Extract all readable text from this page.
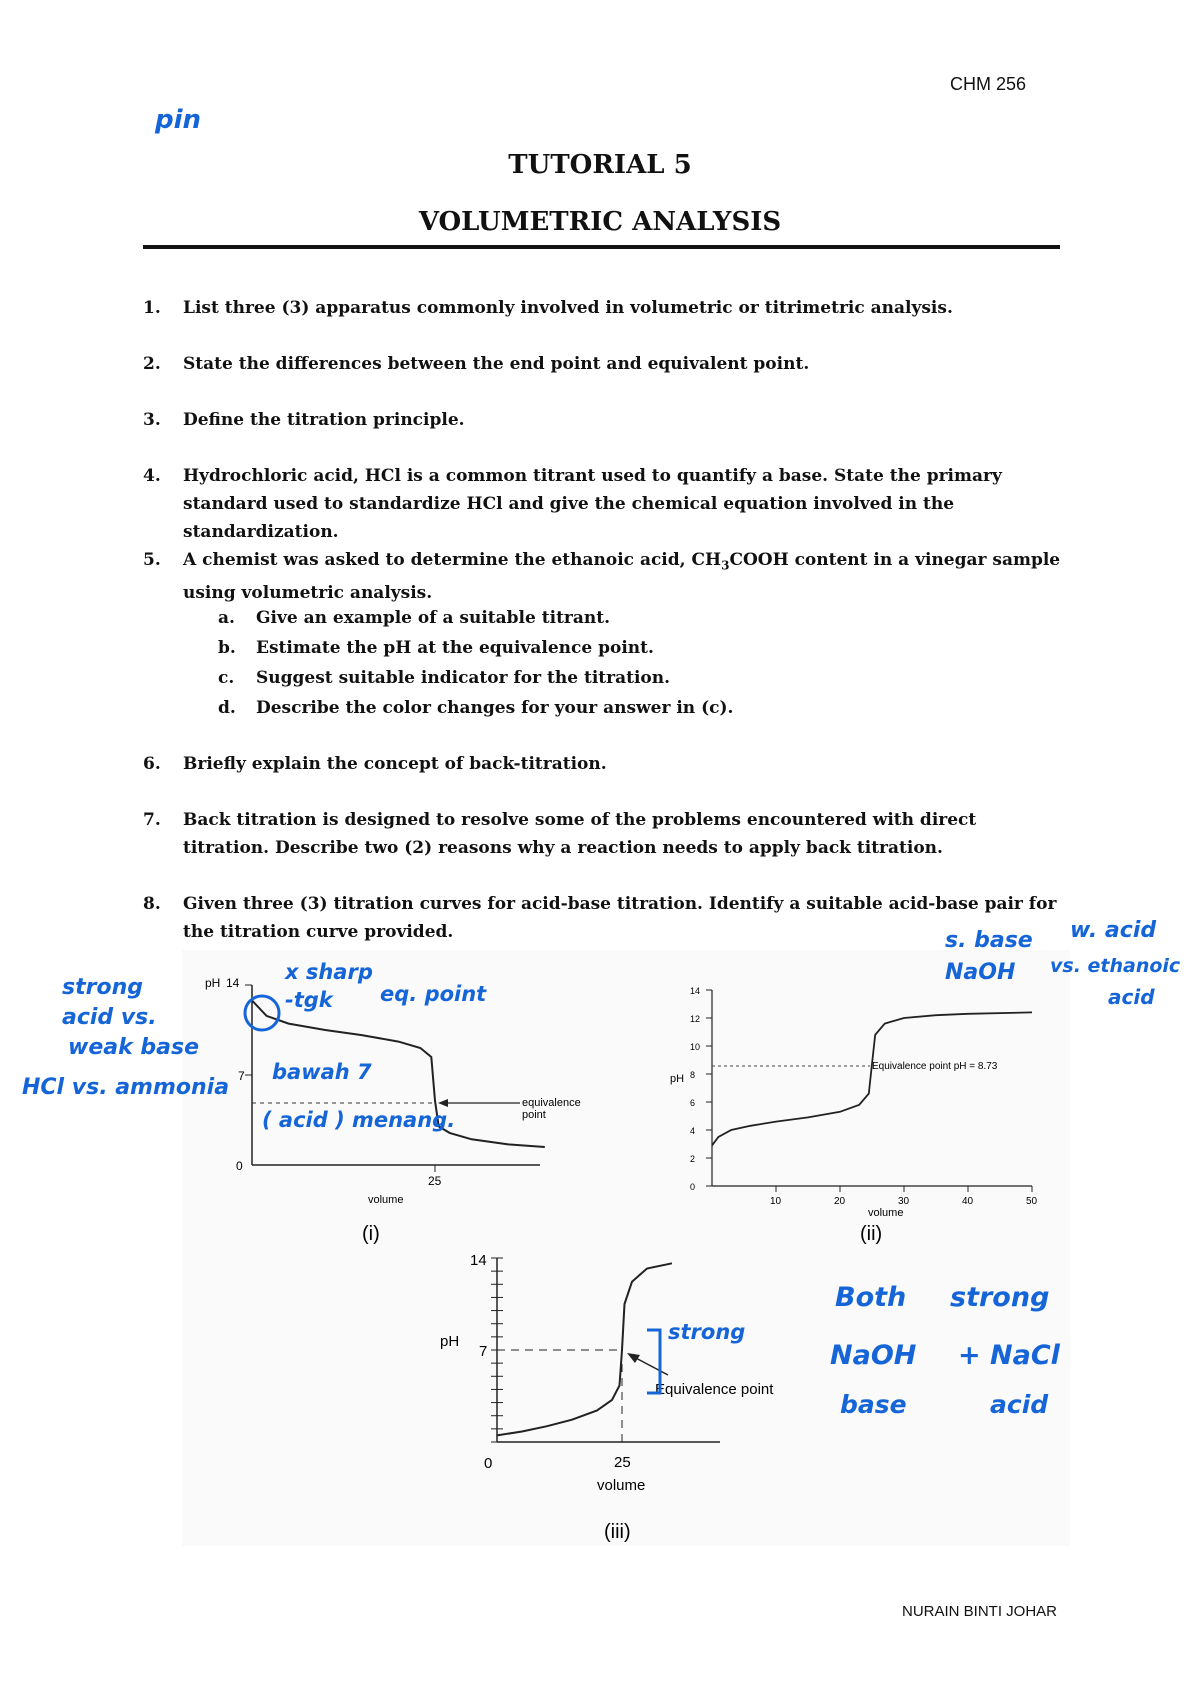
CHM 256
pin
TUTORIAL 5
VOLUMETRIC ANALYSIS
1.	List three (3) apparatus commonly involved in volumetric or titrimetric analysis.
2.	State the differences between the end point and equivalent point.
3.	Define the titration principle.
4.	Hydrochloric acid, HCl is a common titrant used to quantify a base. State the primary standard used to standardize HCl and give the chemical equation involved in the standardization.
5.	A chemist was asked to determine the ethanoic acid, $CH_3COOH$ content in a vinegar sample using volumetric analysis.
a.	Give an example of a suitable titrant.
b.	Estimate the pH at the equivalence point.
c.	Suggest suitable indicator for the titration.
d.	Describe the color changes for your answer in (c).
6.	Briefly explain the concept of back-titration.
7.	Back titration is designed to resolve some of the problems encountered with direct titration. Describe two (2) reasons why a reaction needs to apply back titration.
8.	Given three (3) titration curves for acid-base titration. Identify a suitable acid-base pair for the titration curve provided.
pH 14
7
0
25
volume
equivalence
point
(i)
pH
14
12
10
8
6
4
2
0
10	20	30	40	50
volume
Equivalence point pH = 8.73
(ii)
14
pH
7
0	25
volume
Equivalence point
(iii)
strong
acid vs.
weak base
HCl vs. ammonia
x sharp
-tgk eq. point
bawah 7
( acid ) menang.
s. base
NaOH
w. acid
vs. ethanoic
acid
strong
Both strong
NaOH + NaCl
base	acid
NURAIN BINTI JOHAR
